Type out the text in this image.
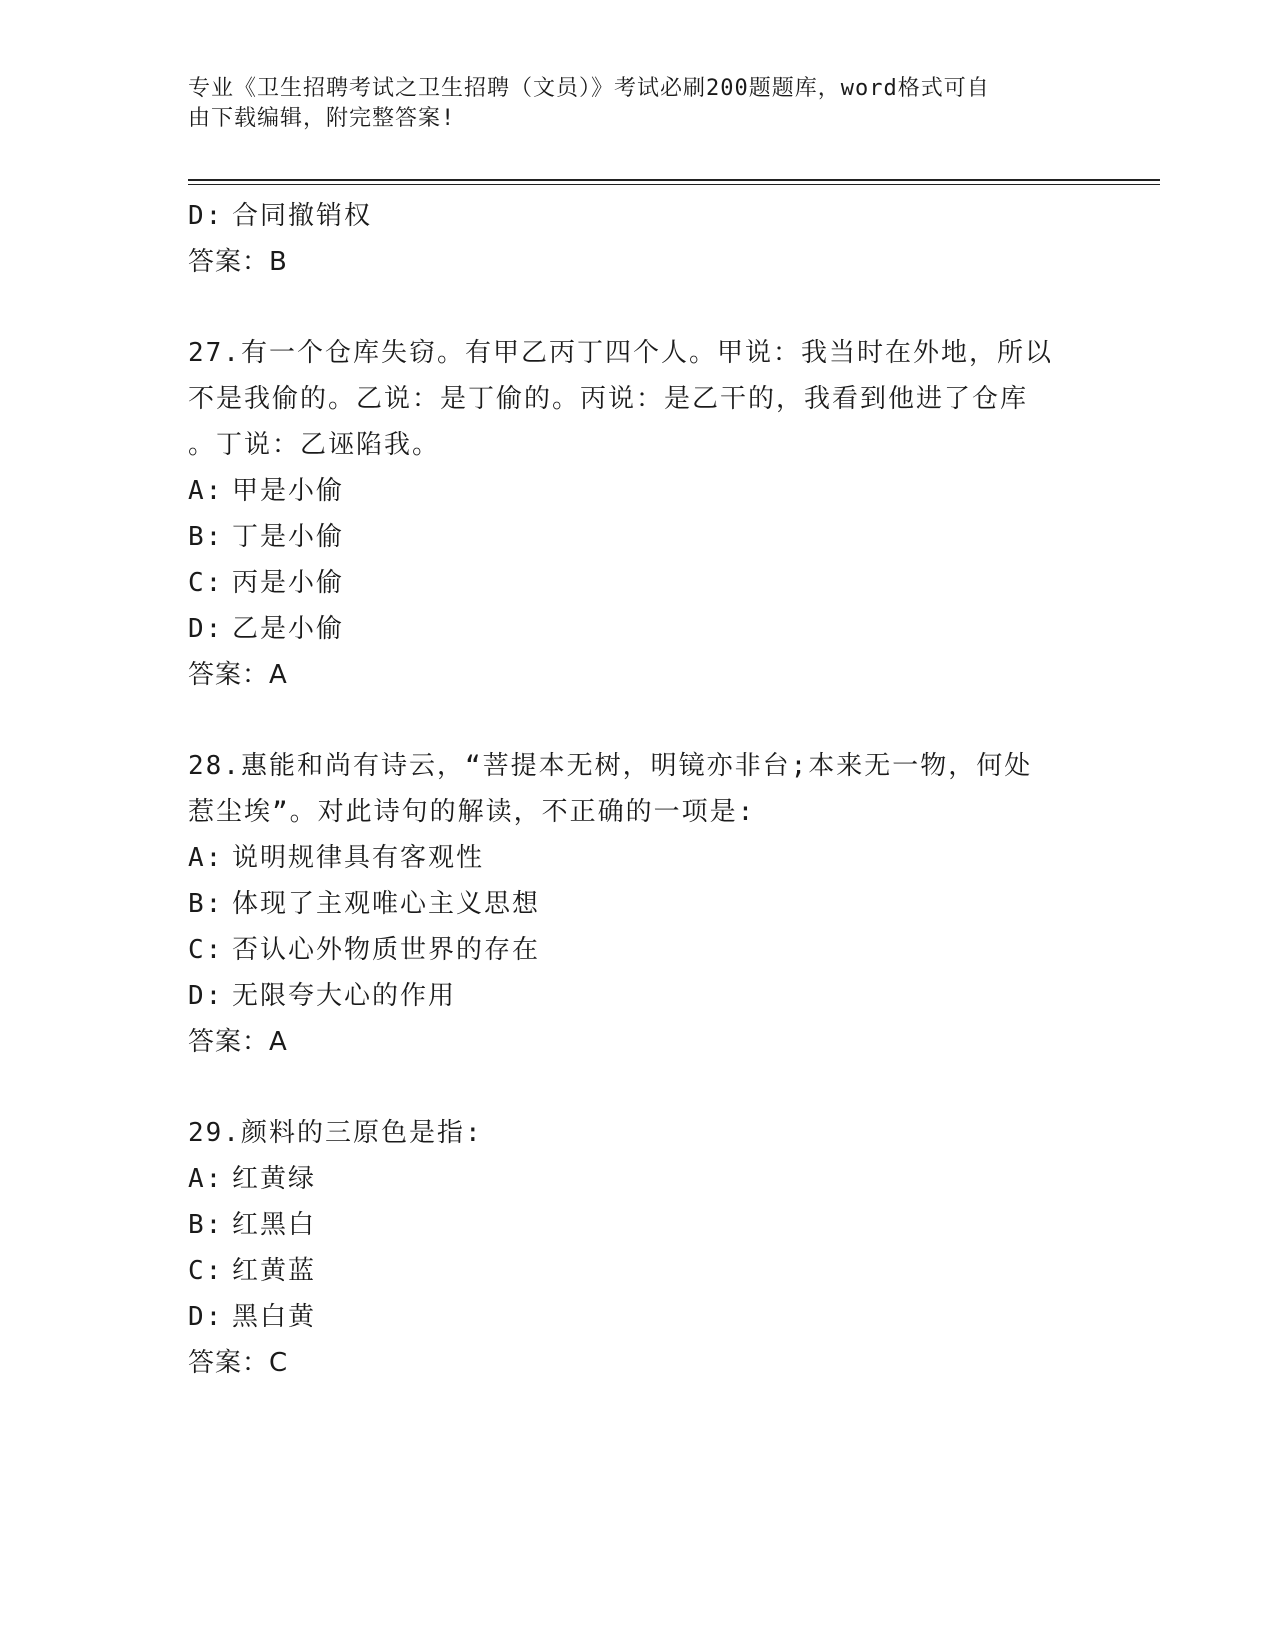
专业《卫生招聘考试之卫生招聘（文员）》考试必刷200题题库，word格式可自
由下载编辑，附完整答案!
D: 合同撤销权
答案：B
27.有一个仓库失窃。有甲乙丙丁四个人。甲说：我当时在外地，所以
不是我偷的。乙说：是丁偷的。丙说：是乙干的，我看到他进了仓库
。丁说：乙诬陷我。
A: 甲是小偷
B: 丁是小偷
C: 丙是小偷
D: 乙是小偷
答案：A
28.惠能和尚有诗云，“菩提本无树，明镜亦非台;本来无一物，何处
惹尘埃”。对此诗句的解读，不正确的一项是:
A: 说明规律具有客观性
B: 体现了主观唯心主义思想
C: 否认心外物质世界的存在
D: 无限夸大心的作用
答案：A
29.颜料的三原色是指:
A: 红黄绿
B: 红黑白
C: 红黄蓝
D: 黑白黄
答案：C
